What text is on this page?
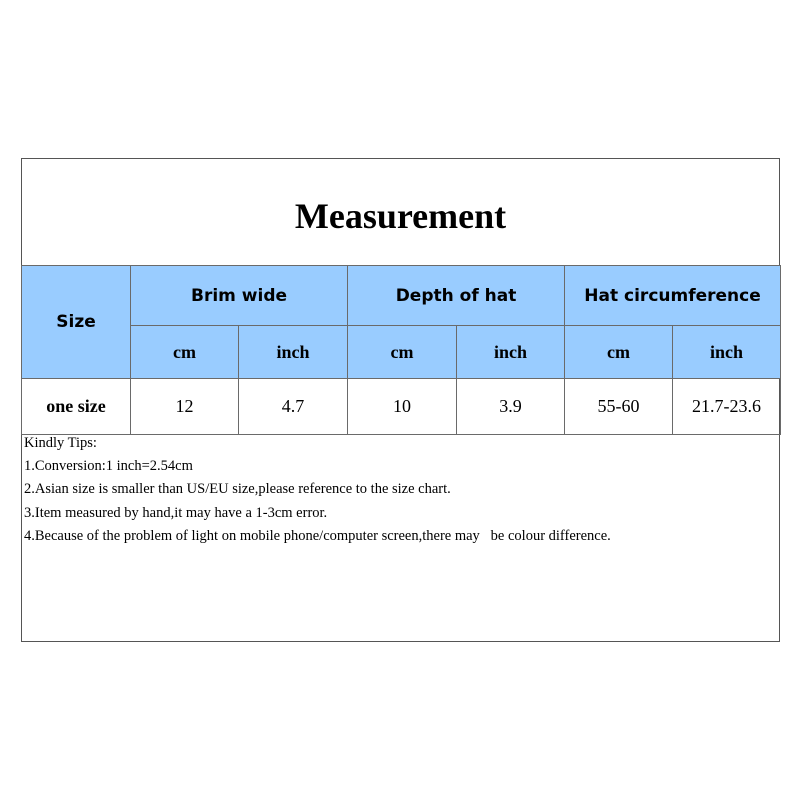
Measurement
Size	Brim wide		Depth of hat		Hat circumference	
	cm	inch	cm	inch	cm	inch
one size	12	4.7	10	3.9	55-60	21.7-23.6
Kindly Tips:
1.Conversion:1 inch=2.54cm
2.Asian size is smaller than US/EU size,please reference to the size chart.
3.Item measured by hand,it may have a 1-3cm error.
4.Because of the problem of light on mobile phone/computer screen,there may   be colour difference.
